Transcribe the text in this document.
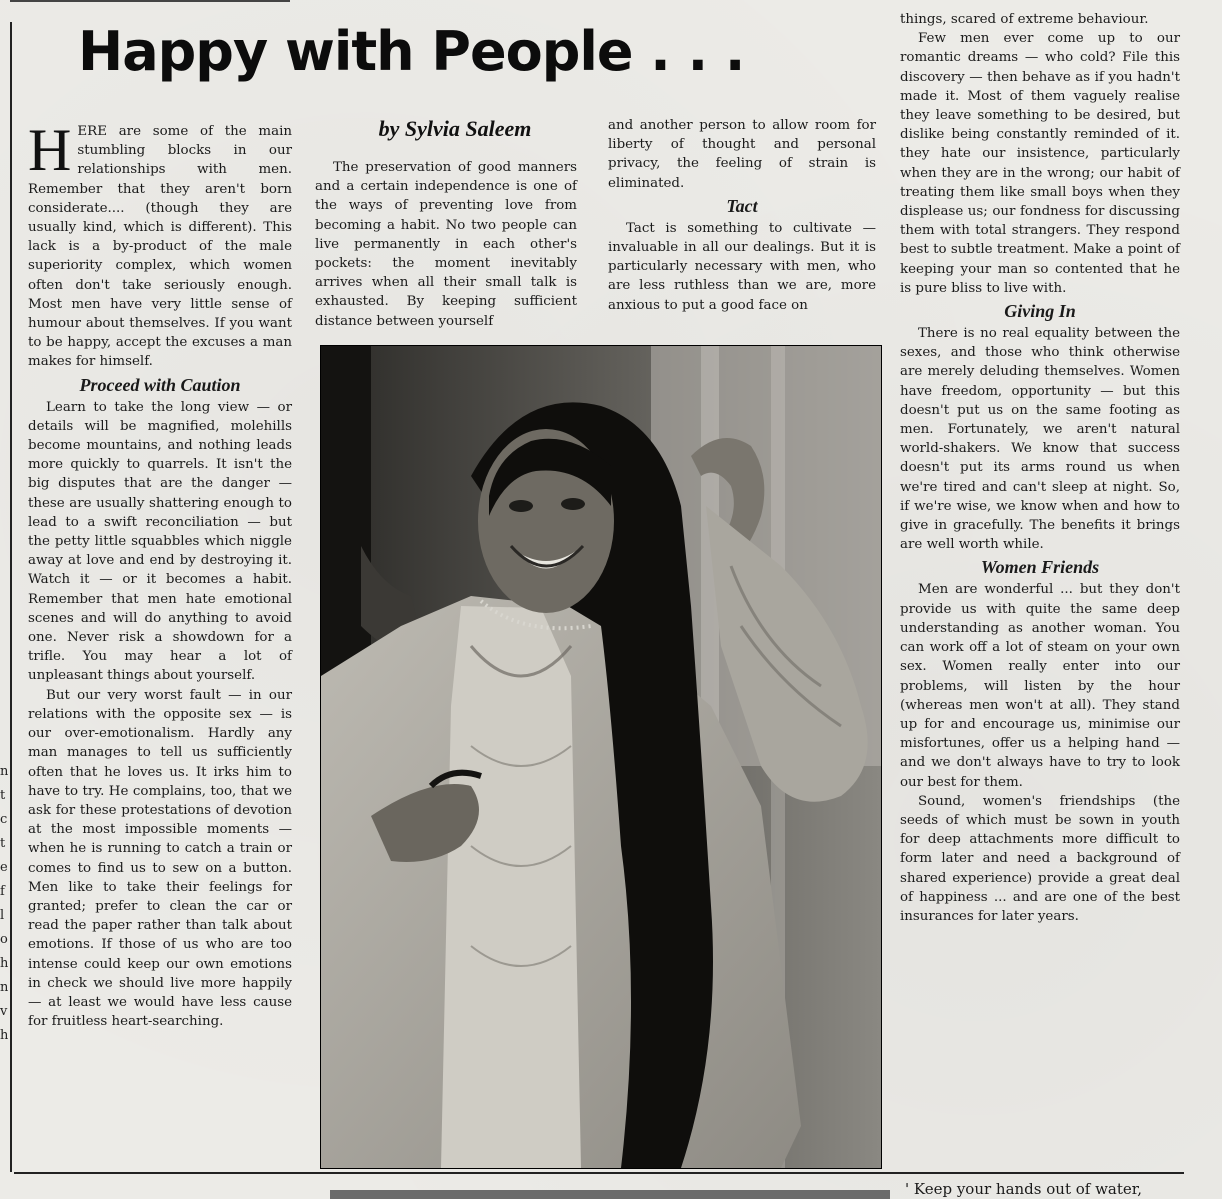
n
t
c
t
e
f
l
o
h
n
v
h
Happy with People . . .

HERE are some of the main stumbling blocks in our relationships with men. Remember that they aren't born considerate.... (though they are usually kind, which is different). This lack is a by-product of the male superiority complex, which women often don't take seriously enough. Most men have very little sense of humour about themselves. If you want to be happy, accept the excuses a man makes for himself.

Proceed with Caution

Learn to take the long view — or details will be magnified, molehills become mountains, and nothing leads more quickly to quarrels. It isn't the big disputes that are the danger — these are usually shattering enough to lead to a swift reconciliation — but the petty little squabbles which niggle away at love and end by destroying it. Watch it — or it becomes a habit. Remember that men hate emotional scenes and will do anything to avoid one. Never risk a showdown for a trifle. You may hear a lot of unpleasant things about yourself.

But our very worst fault — in our relations with the opposite sex — is our over-emotionalism. Hardly any man manages to tell us sufficiently often that he loves us. It irks him to have to try. He complains, too, that we ask for these protestations of devotion at the most impossible moments — when he is running to catch a train or comes to find us to sew on a button. Men like to take their feelings for granted; prefer to clean the car or read the paper rather than talk about emotions. If those of us who are too intense could keep our own emotions in check we should live more happily — at least we would have less cause for fruitless heart-searching.

by Sylvia Saleem

The preservation of good manners and a certain independence is one of the ways of preventing love from becoming a habit. No two people can live permanently in each other's pockets: the moment inevitably arrives when all their small talk is exhausted. By keeping sufficient distance between yourself

and another person to allow room for liberty of thought and personal privacy, the feeling of strain is eliminated.

Tact

Tact is something to cultivate — invaluable in all our dealings. But it is particularly necessary with men, who are less ruthless than we are, more anxious to put a good face on

things, scared of extreme behaviour.

Few men ever come up to our romantic dreams — who cold? File this discovery — then behave as if you hadn't made it. Most of them vaguely realise they leave something to be desired, but dislike being constantly reminded of it. they hate our insistence, particularly when they are in the wrong; our habit of treating them like small boys when they displease us; our fondness for discussing them with total strangers. They respond best to subtle treatment. Make a point of keeping your man so contented that he is pure bliss to live with.

Giving In

There is no real equality between the sexes, and those who think otherwise are merely deluding themselves. Women have freedom, opportunity — but this doesn't put us on the same footing as men. Fortunately, we aren't natural world-shakers. We know that success doesn't put its arms round us when we're tired and can't sleep at night. So, if we're wise, we know when and how to give in gracefully. The benefits it brings are well worth while.

Women Friends

Men are wonderful ... but they don't provide us with quite the same deep understanding as another woman. You can work off a lot of steam on your own sex. Women really enter into our problems, will listen by the hour (whereas men won't at all). They stand up for and encourage us, minimise our misfortunes, offer us a helping hand — and we don't always have to try to look our best for them.

Sound, women's friendships (the seeds of which must be sown in youth for deep attachments more difficult to form later and need a background of shared experience) provide a great deal of happiness ... and are one of the best insurances for later years.

' Keep your hands out of water,
